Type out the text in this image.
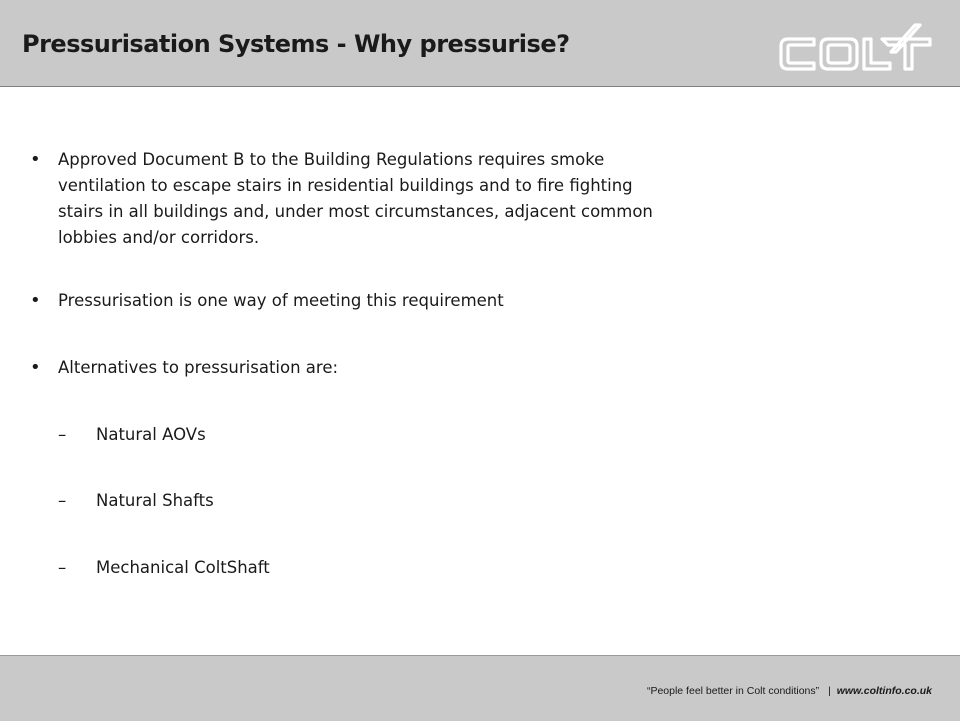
Pressurisation Systems - Why pressurise?
• Approved Document B to the Building Regulations requires smoke ventilation to escape stairs in residential buildings and to fire fighting stairs in all buildings and, under most circumstances, adjacent common lobbies and/or corridors.
• Pressurisation is one way of meeting this requirement
• Alternatives to pressurisation are:
–	Natural AOVs
–	Natural Shafts
–	Mechanical ColtShaft
“People feel better in Colt conditions” | www.coltinfo.co.uk
